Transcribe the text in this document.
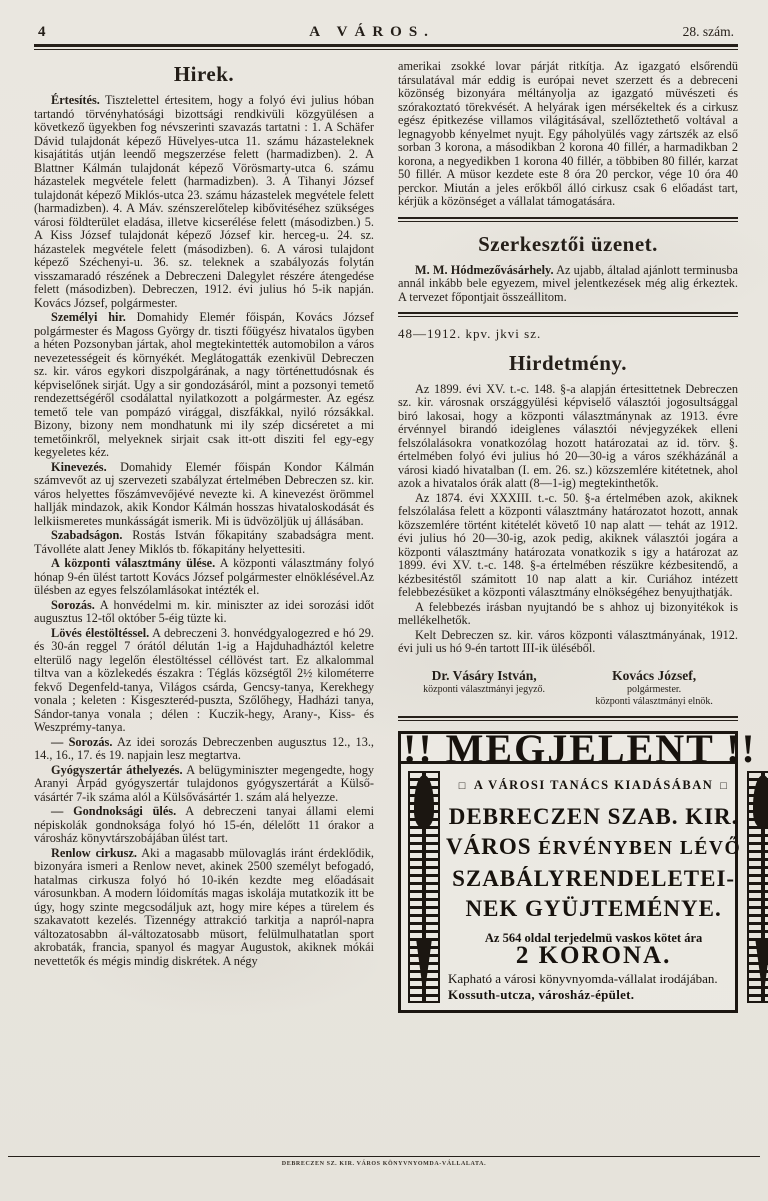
4	A VÁROS.	28. szám.
Hirek.

Értesítés. Tisztelettel értesitem, hogy a folyó évi julius hóban tartandó törvényhatósági bizottsági rendkivüli közgyülésen a következő ügyekben fog névszerinti szavazás tartatni : 1. A Schäfer Dávid tulajdonát képező Hüvelyes-utca 11. számu házasteleknek kisajátitás utján leendő megszerzése felett (harmadizben). 2. A Blattner Kálmán tulajdonát képező Vörösmarty-utca 6. számu házastelek megvétele felett (harmadizben). 3. A Tihanyi József tulajdonát képező Miklós-utca 23. számu házastelek megvétele felett (harmadizben). 4. A Máv. szénszerelőtelep kibővitéséhez szükséges városi földterület eladása, illetve kicserélése felett (másodizben.) 5. A Kiss József tulajdonát képező József kir. herceg-u. 24. sz. házastelek megvétele felett (másodizben). 6. A városi tulajdont képező Széchenyi-u. 36. sz. teleknek a szabályozás folytán visszamaradó részének a Debreczeni Dalegylet részére átengedése felett (másodizben). Debreczen, 1912. évi julius hó 5-ik napján. Kovács József, polgármester.

Személyi hir. Domahidy Elemér főispán, Kovács József polgármester és Magoss György dr. tiszti főügyész hivatalos ügyben a héten Pozsonyban jártak, ahol megtekintették automobilon a város nevezetességeit és környékét. Meglátogatták ezenkivül Debreczen sz. kir. város egykori diszpolgárának, a nagy történettudósnak és képviselőnek sirját. Ugy a sir gondozásáról, mint a pozsonyi temető rendezettségéről csodálattal nyilatkozott a polgármester. Az egész temető tele van pompázó virággal, diszfákkal, nyiló rózsákkal. Bizony, bizony nem mondhatunk mi ily szép dicséretet a mi temetőinkről, melyeknek sirjait csak itt-ott disziti fel egy-egy kegyeletes kéz.

Kinevezés. Domahidy Elemér főispán Kondor Kálmán számvevőt az uj szervezeti szabályzat értelmében Debreczen sz. kir. város helyettes főszámvevőjévé nevezte ki. A kinevezést örömmel hallják mindazok, akik Kondor Kálmán hosszas hivataloskodását és lelkiismeretes munkásságát ismerik. Mi is üdvözöljük uj állásában.

Szabadságon. Rostás István főkapitány szabadságra ment. Távolléte alatt Jeney Miklós tb. főkapitány helyettesiti.

A központi választmány ülése. A központi választmány folyó hónap 9-én ülést tartott Kovács József polgármester elnöklésével.Az ülésben az egyes felszólamlásokat intézték el.

Sorozás. A honvédelmi m. kir. miniszter az idei sorozási időt augusztus 12-től október 5-éig tüzte ki.

Lövés élestöltéssel. A debreczeni 3. honvédgyalogezred e hó 29. és 30-án reggel 7 órától délután 1-ig a Hajduhadháztól keletre elterülő nagy legelőn élestöltéssel céllövést tart. Ez alkalommal tiltva van a közlekedés északra : Téglás községtől 2½ kilométerre fekvő Degenfeld-tanya, Világos csárda, Gencsy-tanya, Kerekhegy vonala ; keleten : Kisgeszteréd-puszta, Szőlőhegy, Hadházi tanya, Sándor-tanya vonala ; délen : Kuczik-hegy, Arany-, Kiss- és Weszprémy-tanya.

— Sorozás. Az idei sorozás Debreczenben augusztus 12., 13., 14., 16., 17. és 19. napjain lesz megtartva.

Gyógyszertár áthelyezés. A belügyminiszter megengedte, hogy Aranyi Árpád gyógyszertár tulajdonos gyógyszertárát a Külső-vásártér 7-ik száma alól a Külsővásártér 1. szám alá helyezze.

— Gondnoksági ülés. A debreczeni tanyai állami elemi népiskolák gondnoksága folyó hó 15-én, délelőtt 11 órakor a városház könyvtárszobájában ülést tart.

Renlow cirkusz. Aki a magasabb mülovaglás iránt érdeklődik, bizonyára ismeri a Renlow nevet, akinek 2500 személyt befogadó, hatalmas cirkusza folyó hó 10-ikén kezdte meg előadásait városunkban. A modern lóidomítás magas iskolája mutatkozik itt be úgy, hogy szinte megcsodáljuk azt, hogy mire képes a türelem és szakavatott kezelés. Tizennégy attrakció tarkitja a napról-napra változatosabbn ál-változatosabb müsort, felülmulhatatlan sport akrobaták, francia, spanyol és magyar Augustok, akiknek mókái nevettetők és mégis mindig diskrétek. A négy

amerikai zsokké lovar párját ritkítja. Az igazgató elsőrendü társulatával már eddig is európai nevet szerzett és a debreceni közönség bizonyára méltányolja az igazgató müvészeti és szórakoztató törekvését. A helyárak igen mérsékeltek és a cirkusz egész épitkezése villamos világitásával, szellőztethető voltával a legnagyobb kényelmet nyujt. Egy páholyülés vagy zártszék az első sorban 3 korona, a másodikban 2 korona 40 fillér, a harmadikban 2 korona, a negyedikben 1 korona 40 fillér, a többiben 80 fillér, karzat 50 fillér. A müsor kezdete este 8 óra 20 perckor, vége 10 óra 40 perckor. Miután a jeles erőkből álló cirkusz csak 6 előadást tart, kérjük a közönséget a vállalat támogatására.

Szerkesztői üzenet.

M. M. Hódmezővásárhely. Az ujabb, általad ajánlott terminusba annál inkább bele egyezem, mivel jelentkezések még alig érkeztek. A tervezet főpontjait összeállitom.

48—1912. kpv. jkvi sz.

Hirdetmény.

Az 1899. évi XV. t.-c. 148. §-a alapján értesittetnek Debreczen sz. kir. városnak országgyülési képviselő választói jogosultsággal biró lakosai, hogy a központi választmánynak az 1913. évre érvénnyel birandó ideiglenes választói névjegyzékek elleni felszólalásokra vonatkozólag hozott határozatai az id. törv. §. értelmében folyó évi julius hó 20—30-ig a város székházánál a városi kiadó hivatalban (I. em. 26. sz.) közszemlére kitétetnek, ahol azok a hivatalos órák alatt (8—1-ig) megtekinthetők.

Az 1874. évi XXXIII. t.-c. 50. §-a értelmében azok, akiknek felszólalása felett a központi választmány határozatot hozott, annak közszemlére történt kitételét követő 10 nap alatt — tehát az 1912. évi julius hó 20—30-ig, azok pedig, akiknek választói jogára a központi választmány határozata vonatkozik s igy a határozat az 1899. évi XV. t.-c. 148. §-a értelmében részükre kézbesitendő, a kézbesitéstől számitott 10 nap alatt a kir. Curiához intézett felebbezésüket a központi választmány elnökségéhez benyujthatják.

A felebbezés irásban nyujtandó be s ahhoz uj bizonyitékok is mellékelhetők.

Kelt Debreczen sz. kir. város központi választmányának, 1912. évi juli us hó 9-én tartott III-ik üléséből.

Dr. Vásáry István,
központi választmányi jegyző.
Kovács József,
polgármester.
központi választmányi elnök.
!! MEGJELENT !!
□ A VÁROSI TANÁCS KIADÁSÁBAN □
DEBRECZEN SZAB. KIR.
VÁROS ÉRVÉNYBEN LÉVŐ
SZABÁLYRENDELETEI-
NEK GYÜJTEMÉNYE.
Az 564 oldal terjedelmü vaskos kötet ára
2 KORONA.
Kapható a városi könyvnyomda-vállalat irodájában. Kossuth-utcza, városház-épület.
DEBRECZEN SZ. KIR. VÁROS KÖNYVNYOMDA-VÁLLALATA.
